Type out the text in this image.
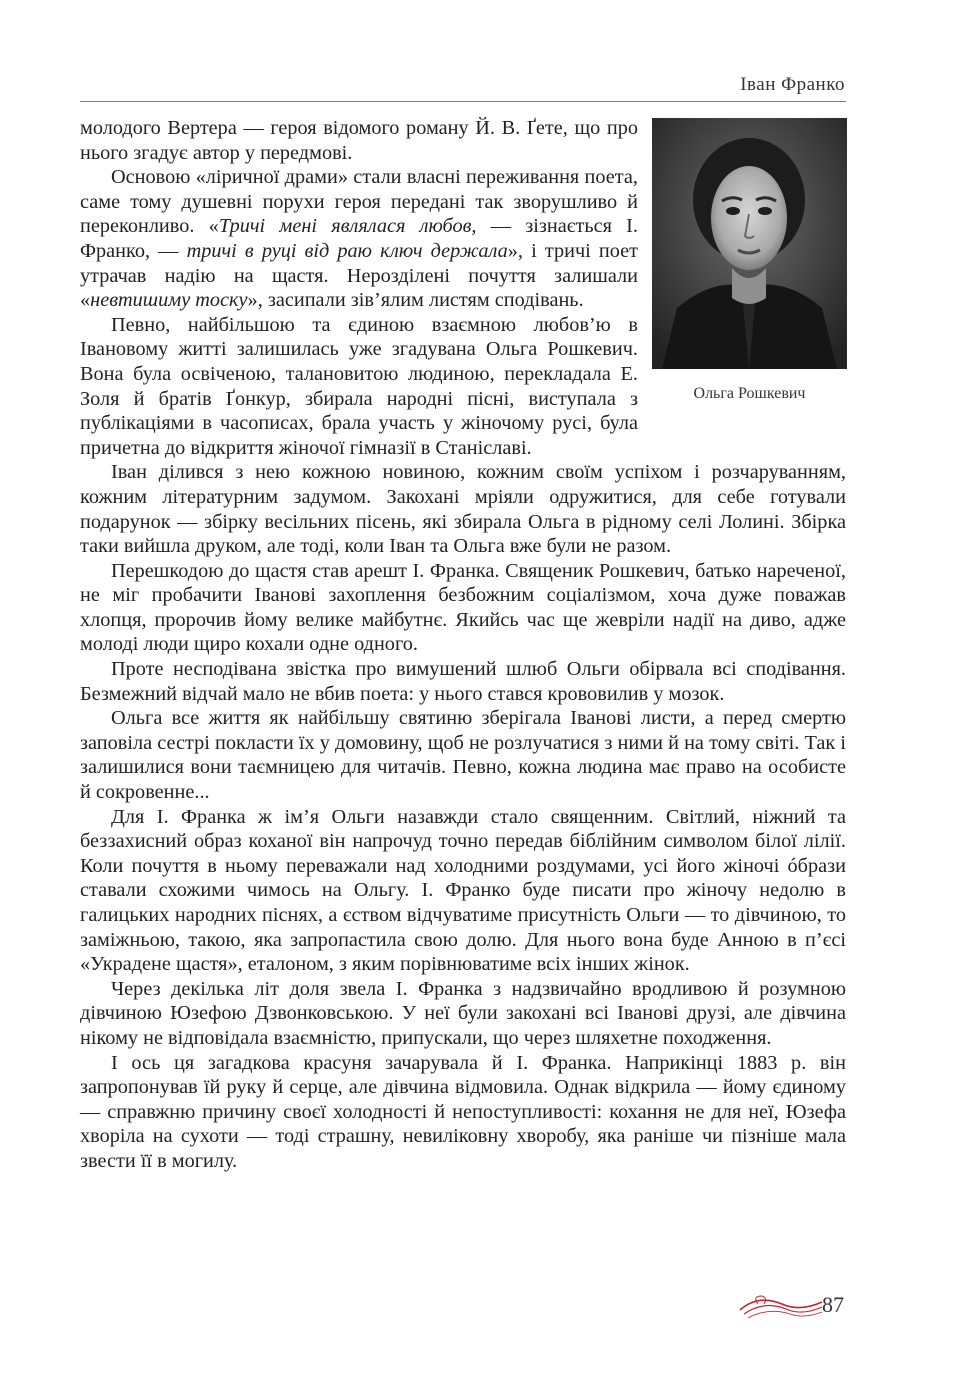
Іван Франко
Ольга Рошкевич

молодого Вертера — героя відомого роману Й. В. Ґете, що про нього згадує автор у передмові.

Основою «ліричної драми» стали власні переживання поета, саме тому душевні порухи героя передані так зворушливо й переконливо. «Тричі мені являлася любов, — зізнається І. Франко, — тричі в руці від раю ключ держала», і тричі поет утрачав надію на щастя. Нерозділені почуття залишали «невтишиму тоску», засипали зів’ялим листям сподівань.

Певно, найбільшою та єдиною взаємною любов’ю в Івановому житті залишилась уже згадувана Ольга Рошкевич. Вона була освіченою, талановитою людиною, перекладала Е. Золя й братів Ґонкур, збирала народні пісні, виступала з публікаціями в часописах, брала участь у жіночому русі, була причетна до відкриття жіночої гімназії в Станіславі.

Іван ділився з нею кожною новиною, кожним своїм успіхом і розчаруванням, кожним літературним задумом. Закохані мріяли одружитися, для себе готували подарунок — збірку весільних пісень, які збирала Ольга в рідному селі Лолині. Збірка таки вийшла друком, але тоді, коли Іван та Ольга вже були не разом.

Перешкодою до щастя став арешт І. Франка. Священик Рошкевич, батько нареченої, не міг пробачити Іванові захоплення безбожним соціалізмом, хоча дуже поважав хлопця, пророчив йому велике майбутнє. Якийсь час ще жевріли надії на диво, адже молоді люди щиро кохали одне одного.

Проте несподівана звістка про вимушений шлюб Ольги обірвала всі сподівання. Безмежний відчай мало не вбив поета: у нього стався крововилив у мозок.

Ольга все життя як найбільшу святиню зберігала Іванові листи, а перед смертю заповіла сестрі покласти їх у домовину, щоб не розлучатися з ними й на тому світі. Так і залишилися вони таємницею для читачів. Певно, кожна людина має право на особисте й сокровенне...

Для І. Франка ж ім’я Ольги назавжди стало священним. Світлий, ніжний та беззахисний образ коханої він напрочуд точно передав біблійним символом білої лілії. Коли почуття в ньому переважали над холодними роздумами, усі його жіночі óбрази ставали схожими чимось на Ольгу. І. Франко буде писати про жіночу недолю в галицьких народних піснях, а єством відчуватиме присутність Ольги — то дівчиною, то заміжньою, такою, яка запропастила свою долю. Для нього вона буде Анною в п’єсі «Украдене щастя», еталоном, з яким порівнюватиме всіх інших жінок.

Через декілька літ доля звела І. Франка з надзвичайно вродливою й розумною дівчиною Юзефою Дзвонковською. У неї були закохані всі Іванові друзі, але дівчина нікому не відповідала взаємністю, припускали, що через шляхетне походження.

І ось ця загадкова красуня зачарувала й І. Франка. Наприкінці 1883 р. він запропонував їй руку й серце, але дівчина відмовила. Однак відкрила — йому єдиному — справжню причину своєї холодності й непоступливості: кохання не для неї, Юзефа хворіла на сухоти — тоді страшну, невиліковну хворобу, яка раніше чи пізніше мала звести її в могилу.

87
